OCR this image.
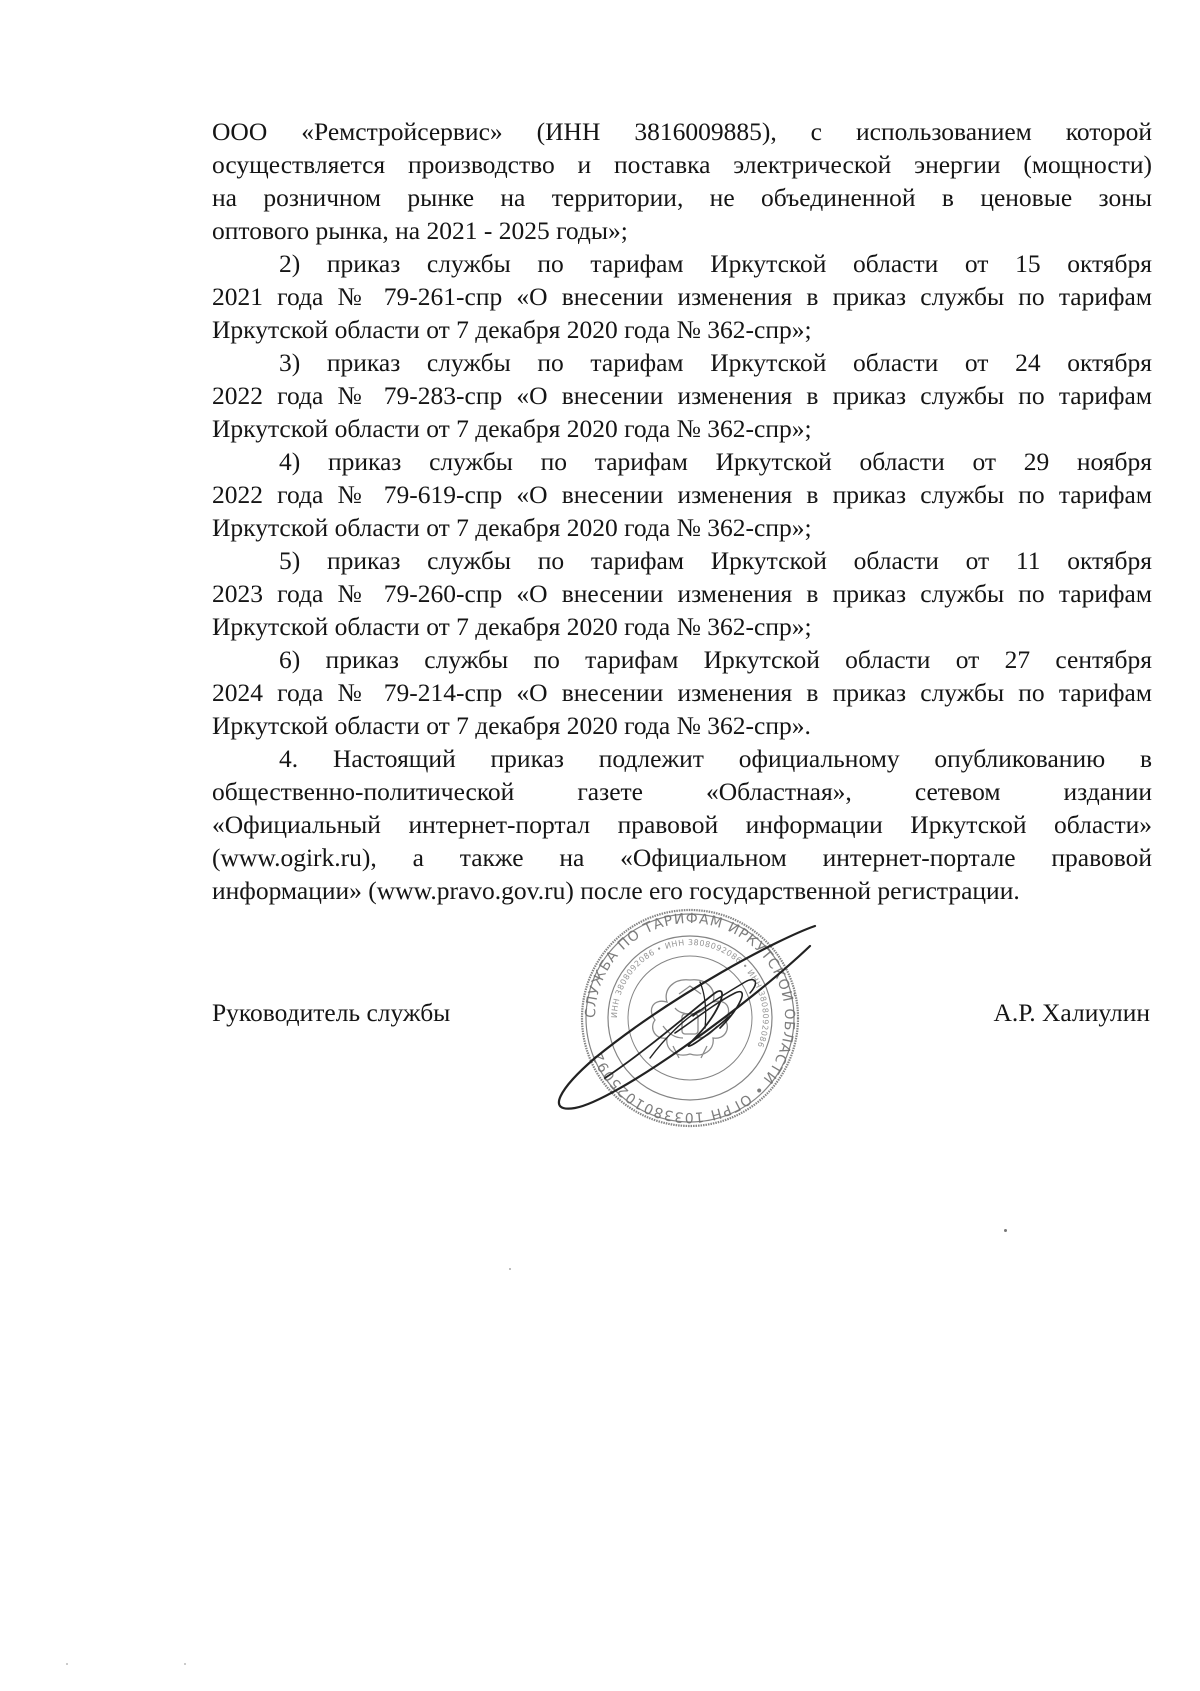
ООО «Ремстройсервис» (ИНН 3816009885), с использованием которой
осуществляется производство и поставка электрической энергии (мощности)
на розничном рынке на территории, не объединенной в ценовые зоны
оптового рынка, на 2021 - 2025 годы»;
2) приказ службы по тарифам Иркутской области от 15 октября
2021 года № 79-261-спр «О внесении изменения в приказ службы по тарифам
Иркутской области от 7 декабря 2020 года № 362-спр»;
3) приказ службы по тарифам Иркутской области от 24 октября
2022 года № 79-283-спр «О внесении изменения в приказ службы по тарифам
Иркутской области от 7 декабря 2020 года № 362-спр»;
4) приказ службы по тарифам Иркутской области от 29 ноября
2022 года № 79-619-спр «О внесении изменения в приказ службы по тарифам
Иркутской области от 7 декабря 2020 года № 362-спр»;
5) приказ службы по тарифам Иркутской области от 11 октября
2023 года № 79-260-спр «О внесении изменения в приказ службы по тарифам
Иркутской области от 7 декабря 2020 года № 362-спр»;
6) приказ службы по тарифам Иркутской области от 27 сентября
2024 года № 79-214-спр «О внесении изменения в приказ службы по тарифам
Иркутской области от 7 декабря 2020 года № 362-спр».
4. Настоящий приказ подлежит официальному опубликованию в
общественно-политической газете «Областная», сетевом издании
«Официальный интернет-портал правовой информации Иркутской области»
(www.ogirk.ru), а также на «Официальном интернет-портале правовой
информации» (www.pravo.gov.ru) после его государственной регистрации.
Руководитель службы	А.Р. Халиулин
СЛУЖБА ПО ТАРИФАМ ИРКУТСКОЙ ОБЛАСТИ • ОГРН 1033801025092
ИНН 3808092086 • ИНН 3808092086 • ИНН 3808092086
